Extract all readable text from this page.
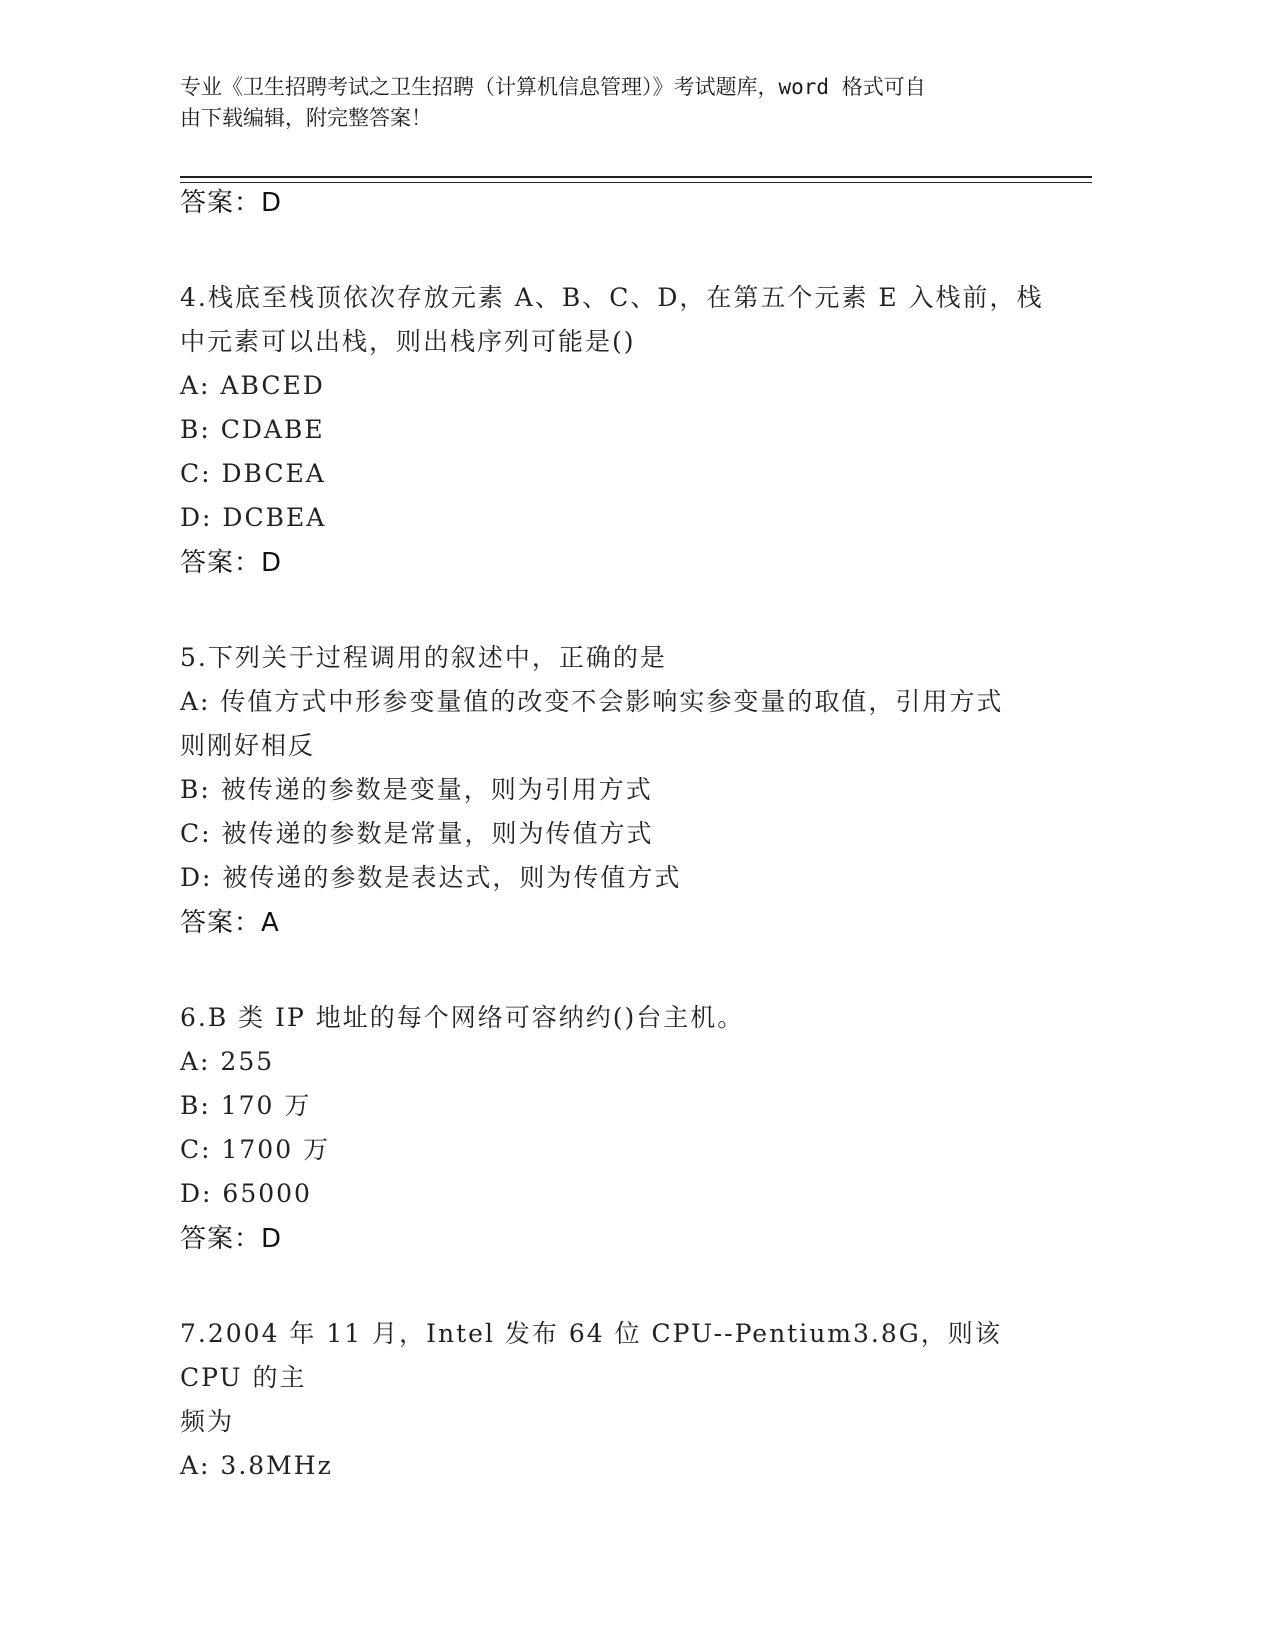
专业《卫生招聘考试之卫生招聘（计算机信息管理）》考试题库，word 格式可自
由下载编辑，附完整答案！
答案：D

4.栈底至栈顶依次存放元素 A、B、C、D，在第五个元素 E 入栈前，栈

中元素可以出栈，则出栈序列可能是()

A: ABCED

B: CDABE

C: DBCEA

D: DCBEA

答案：D

5.下列关于过程调用的叙述中，正确的是

A: 传值方式中形参变量值的改变不会影响实参变量的取值，引用方式

则刚好相反

B: 被传递的参数是变量，则为引用方式

C: 被传递的参数是常量，则为传值方式

D: 被传递的参数是表达式，则为传值方式

答案：A

6.B 类 IP 地址的每个网络可容纳约()台主机。

A: 255

B: 170 万

C: 1700 万

D: 65000

答案：D

7.2004 年 11 月，Intel 发布 64 位 CPU--Pentium3.8G，则该 CPU 的主

频为

A: 3.8MHz
